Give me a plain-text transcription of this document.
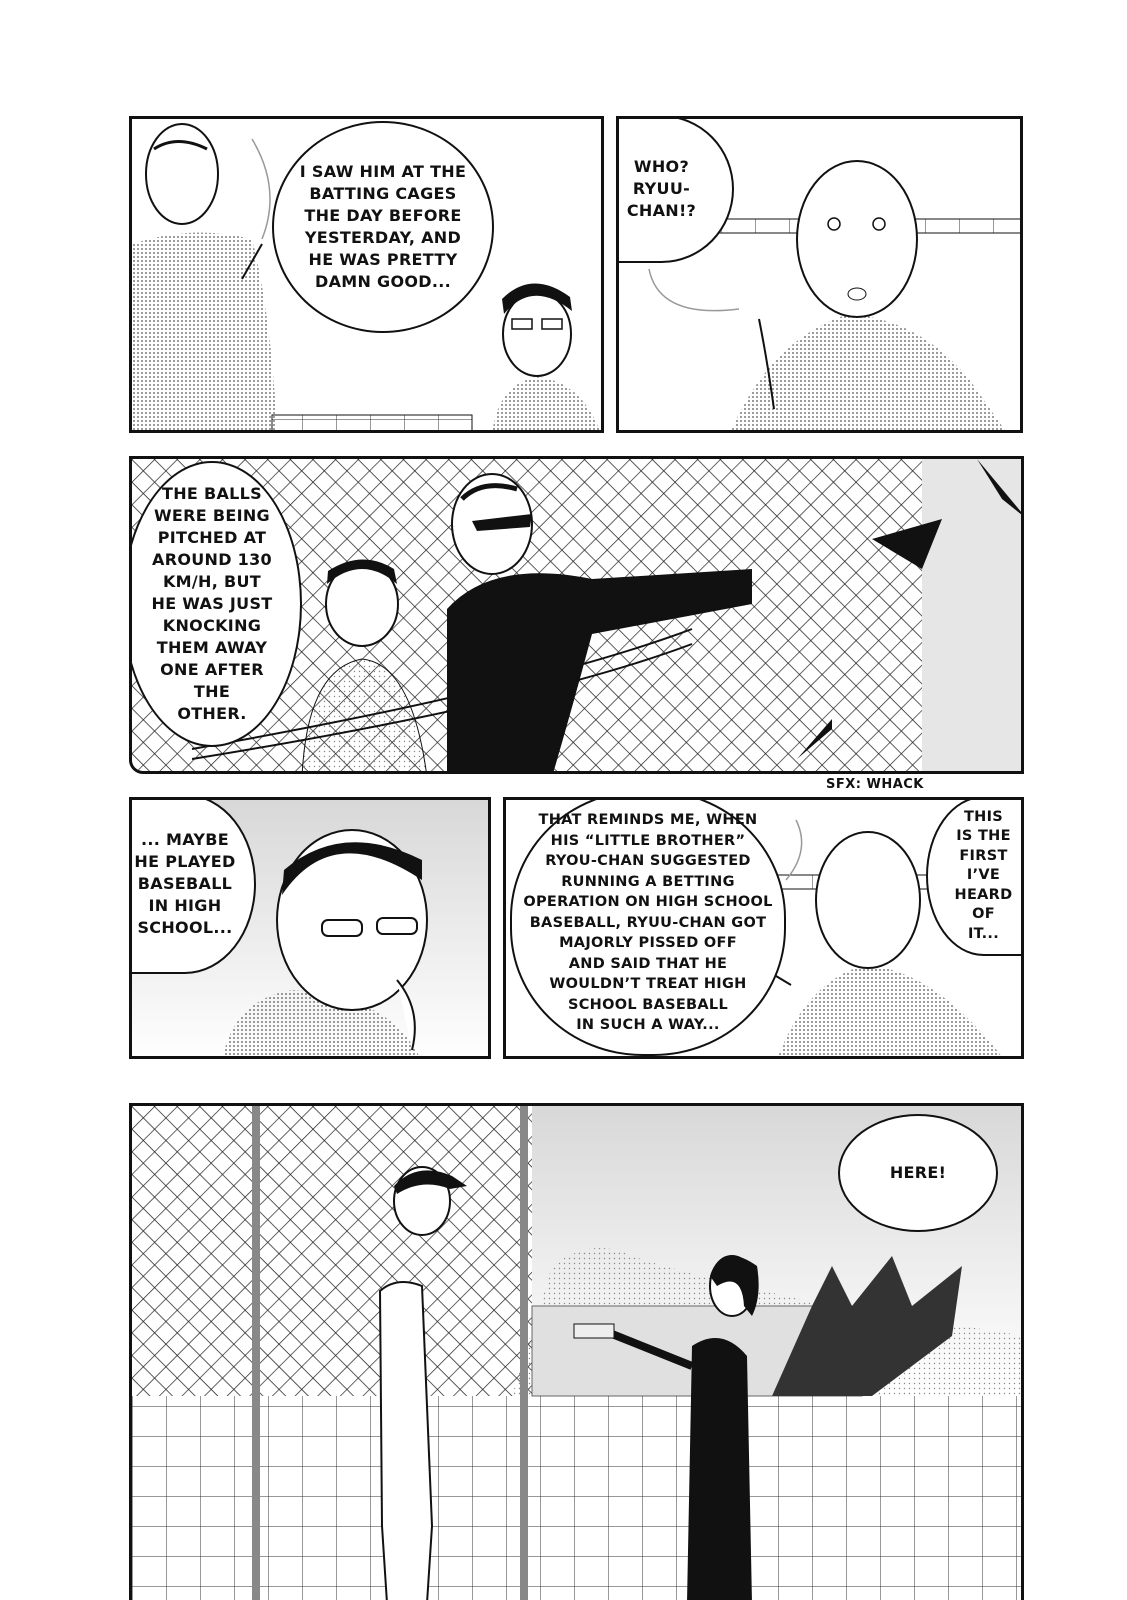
I SAW HIM AT THE
BATTING CAGES
THE DAY BEFORE
YESTERDAY, AND
HE WAS PRETTY
DAMN GOOD...
WHO?
RYUU-
CHAN!?
THE BALLS
WERE BEING
PITCHED AT
AROUND 130
KM/H, BUT
HE WAS JUST
KNOCKING
THEM AWAY
ONE AFTER
THE
OTHER.
SFX: WHACK
... MAYBE
HE PLAYED
BASEBALL
IN HIGH
SCHOOL...
THAT REMINDS ME, WHEN
HIS “LITTLE BROTHER”
RYOU-CHAN SUGGESTED
RUNNING A BETTING
OPERATION ON HIGH SCHOOL
BASEBALL, RYUU-CHAN GOT
MAJORLY PISSED OFF
AND SAID THAT HE
WOULDN’T TREAT HIGH
SCHOOL BASEBALL
IN SUCH A WAY...
THIS
IS THE
FIRST
I’VE
HEARD
OF
IT...
HERE!
